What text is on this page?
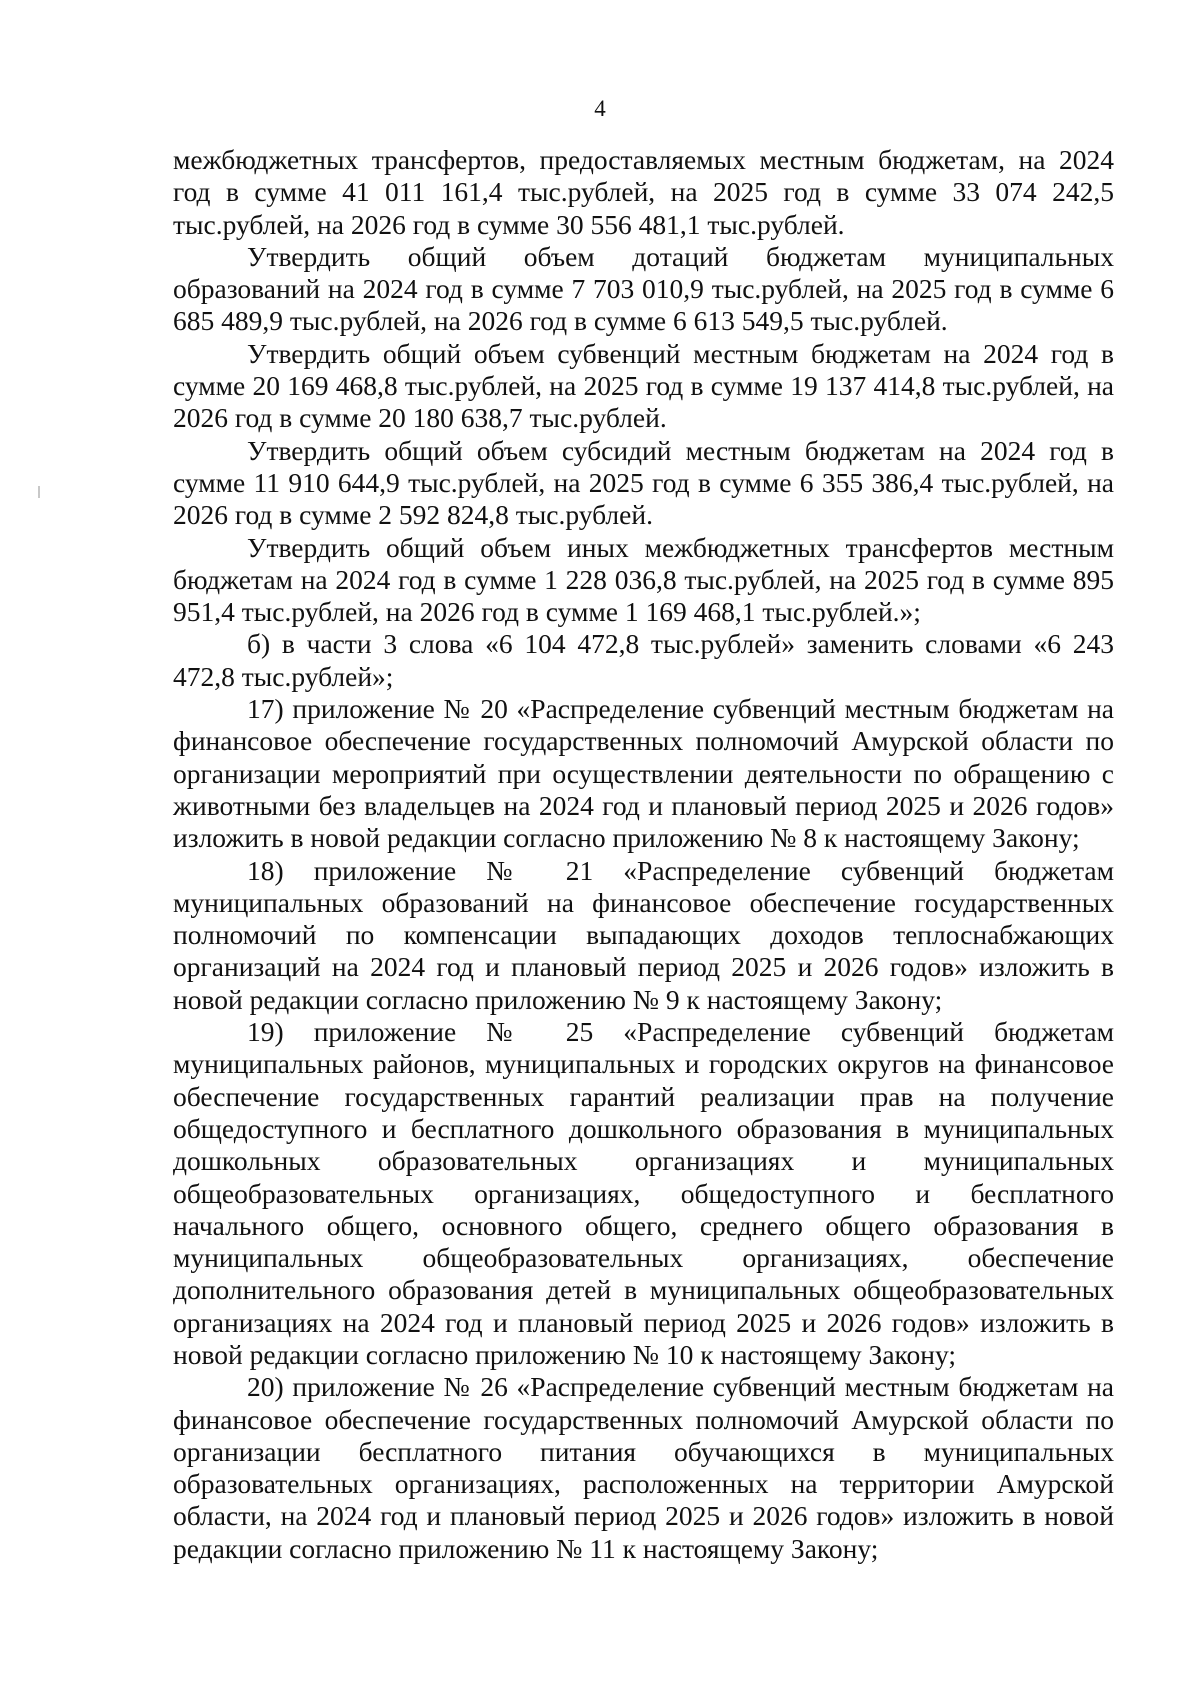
4

межбюджетных трансфертов, предоставляемых местным бюджетам, на 2024 год в сумме 41 011 161,4 тыс.рублей, на 2025 год в сумме 33 074 242,5 тыс.рублей, на 2026 год в сумме 30 556 481,1 тыс.рублей.

Утвердить общий объем дотаций бюджетам муниципальных образований на 2024 год в сумме 7 703 010,9 тыс.рублей, на 2025 год в сумме 6 685 489,9 тыс.рублей, на 2026 год в сумме 6 613 549,5 тыс.рублей.

Утвердить общий объем субвенций местным бюджетам на 2024 год в сумме 20 169 468,8 тыс.рублей, на 2025 год в сумме 19 137 414,8 тыс.рублей, на 2026 год в сумме 20 180 638,7 тыс.рублей.

Утвердить общий объем субсидий местным бюджетам на 2024 год в сумме 11 910 644,9 тыс.рублей, на 2025 год в сумме 6 355 386,4 тыс.рублей, на 2026 год в сумме 2 592 824,8 тыс.рублей.

Утвердить общий объем иных межбюджетных трансфертов местным бюджетам на 2024 год в сумме 1 228 036,8 тыс.рублей, на 2025 год в сумме 895 951,4 тыс.рублей, на 2026 год в сумме 1 169 468,1 тыс.рублей.»;

б) в части 3 слова «6 104 472,8 тыс.рублей» заменить словами «6 243 472,8 тыс.рублей»;

17) приложение № 20 «Распределение субвенций местным бюджетам на финансовое обеспечение государственных полномочий Амурской области по организации мероприятий при осуществлении деятельности по обращению с животными без владельцев на 2024 год и плановый период 2025 и 2026 годов» изложить в новой редакции согласно приложению № 8 к настоящему Закону;

18) приложение № 21 «Распределение субвенций бюджетам муниципальных образований на финансовое обеспечение государственных полномочий по компенсации выпадающих доходов теплоснабжающих организаций на 2024 год и плановый период 2025 и 2026 годов» изложить в новой редакции согласно приложению № 9 к настоящему Закону;

19) приложение № 25 «Распределение субвенций бюджетам муниципальных районов, муниципальных и городских округов на финансовое обеспечение государственных гарантий реализации прав на получение общедоступного и бесплатного дошкольного образования в муниципальных дошкольных образовательных организациях и муниципальных общеобразовательных организациях, общедоступного и бесплатного начального общего, основного общего, среднего общего образования в муниципальных общеобразовательных организациях, обеспечение дополнительного образования детей в муниципальных общеобразовательных организациях на 2024 год и плановый период 2025 и 2026 годов» изложить в новой редакции согласно приложению № 10 к настоящему Закону;

20) приложение № 26 «Распределение субвенций местным бюджетам на финансовое обеспечение государственных полномочий Амурской области по организации бесплатного питания обучающихся в муниципальных образовательных организациях, расположенных на территории Амурской области, на 2024 год и плановый период 2025 и 2026 годов» изложить в новой редакции согласно приложению № 11 к настоящему Закону;
